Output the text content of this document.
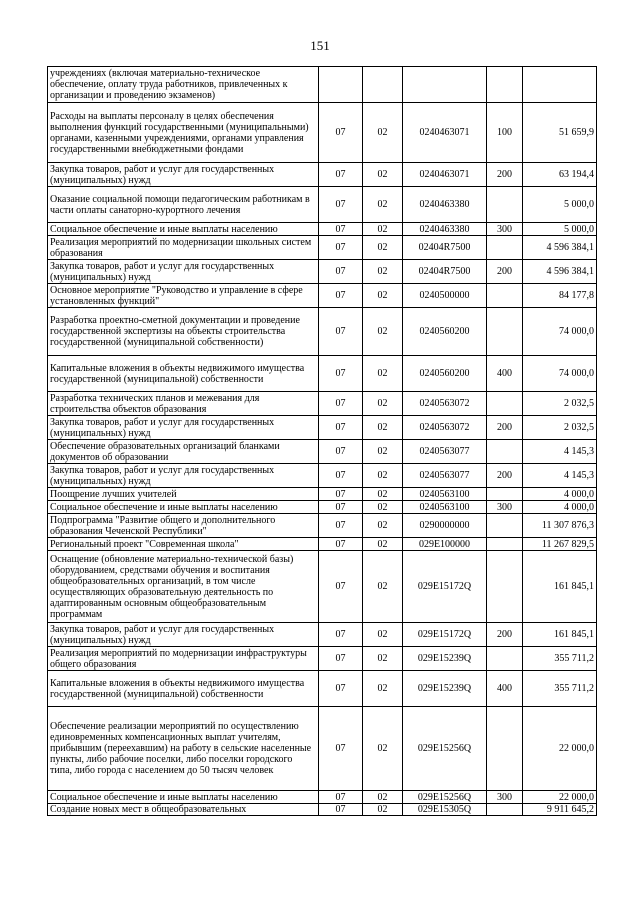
151
учреждениях (включая материально-техническое обеспечение, оплату труда работников, привлеченных к организации и проведению экзаменов)					
Расходы на выплаты персоналу в целях обеспечения выполнения функций государственными (муниципальными) органами, казенными учреждениями, органами управления государственными внебюджетными фондами	07	02	0240463071	100	51 659,9
Закупка товаров, работ и услуг для государственных (муниципальных) нужд	07	02	0240463071	200	63 194,4
Оказание социальной помощи педагогическим работникам в части оплаты санаторно-курортного лечения	07	02	0240463380		5 000,0
Социальное обеспечение и иные выплаты населению	07	02	0240463380	300	5 000,0
Реализация мероприятий по модернизации школьных систем образования	07	02	02404R7500		4 596 384,1
Закупка товаров, работ и услуг для государственных (муниципальных) нужд	07	02	02404R7500	200	4 596 384,1
Основное мероприятие "Руководство и управление в сфере установленных функций"	07	02	0240500000		84 177,8
Разработка проектно-сметной документации и проведение государственной экспертизы на объекты строительства государственной (муниципальной собственности)	07	02	0240560200		74 000,0
Капитальные вложения в объекты недвижимого имущества государственной (муниципальной) собственности	07	02	0240560200	400	74 000,0
Разработка технических планов и межевания для строительства объектов образования	07	02	0240563072		2 032,5
Закупка товаров, работ и услуг для государственных (муниципальных) нужд	07	02	0240563072	200	2 032,5
Обеспечение образовательных организаций бланками документов об образовании	07	02	0240563077		4 145,3
Закупка товаров, работ и услуг для государственных (муниципальных) нужд	07	02	0240563077	200	4 145,3
Поощрение лучших учителей	07	02	0240563100		4 000,0
Социальное обеспечение и иные выплаты населению	07	02	0240563100	300	4 000,0
Подпрограмма "Развитие общего и дополнительного образования Чеченской Республики"	07	02	0290000000		11 307 876,3
Региональный проект "Современная школа"	07	02	029E100000		11 267 829,5
Оснащение (обновление материально-технической базы) оборудованием, средствами обучения и воспитания общеобразовательных организаций, в том числе осуществляющих образовательную деятельность по адаптированным основным общеобразовательным программам	07	02	029E15172Q		161 845,1
Закупка товаров, работ и услуг для государственных (муниципальных) нужд	07	02	029E15172Q	200	161 845,1
Реализация мероприятий по модернизации инфраструктуры общего образования	07	02	029E15239Q		355 711,2
Капитальные вложения в объекты недвижимого имущества государственной (муниципальной) собственности	07	02	029E15239Q	400	355 711,2
Обеспечение реализации мероприятий по осуществлению единовременных компенсационных выплат учителям, прибывшим (переехавшим) на работу в сельские населенные пункты, либо рабочие поселки, либо поселки городского типа, либо города с населением до 50 тысяч человек	07	02	029E15256Q		22 000,0
Социальное обеспечение и иные выплаты населению	07	02	029E15256Q	300	22 000,0
Создание новых мест в общеобразовательных	07	02	029E15305Q		9 911 645,2
